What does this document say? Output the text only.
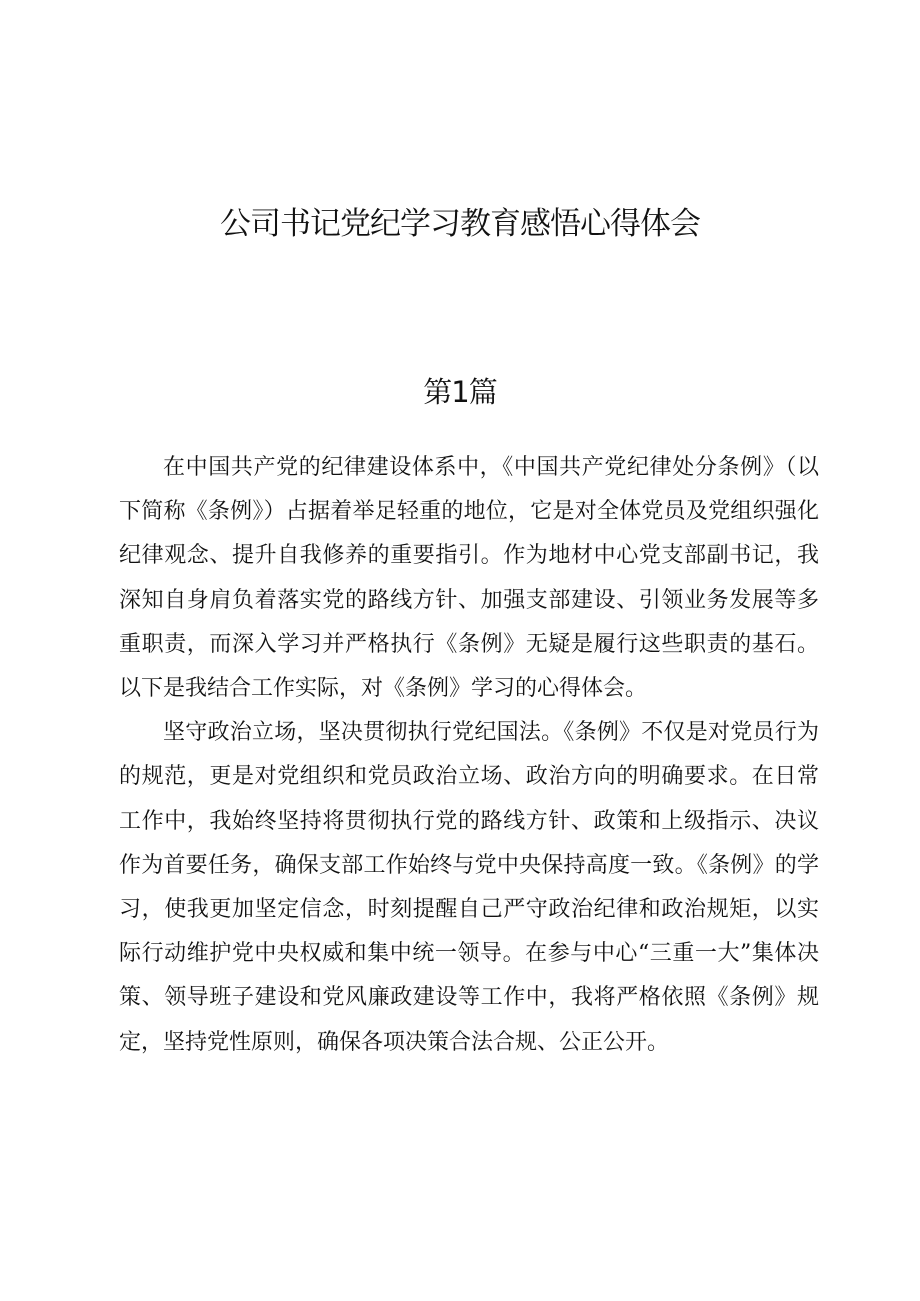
公司书记党纪学习教育感悟心得体会
第1篇

在中国共产党的纪律建设体系中，《中国共产党纪律处分条例》（以下简称《条例》）占据着举足轻重的地位，它是对全体党员及党组织强化纪律观念、提升自我修养的重要指引。作为地材中心党支部副书记，我深知自身肩负着落实党的路线方针、加强支部建设、引领业务发展等多重职责，而深入学习并严格执行《条例》无疑是履行这些职责的基石。以下是我结合工作实际，对《条例》学习的心得体会。

坚守政治立场，坚决贯彻执行党纪国法。《条例》不仅是对党员行为的规范，更是对党组织和党员政治立场、政治方向的明确要求。在日常工作中，我始终坚持将贯彻执行党的路线方针、政策和上级指示、决议作为首要任务，确保支部工作始终与党中央保持高度一致。《条例》的学习，使我更加坚定信念，时刻提醒自己严守政治纪律和政治规矩，以实际行动维护党中央权威和集中统一领导。在参与中心“三重一大”集体决策、领导班子建设和党风廉政建设等工作中，我将严格依照《条例》规定，坚持党性原则，确保各项决策合法合规、公正公开。
